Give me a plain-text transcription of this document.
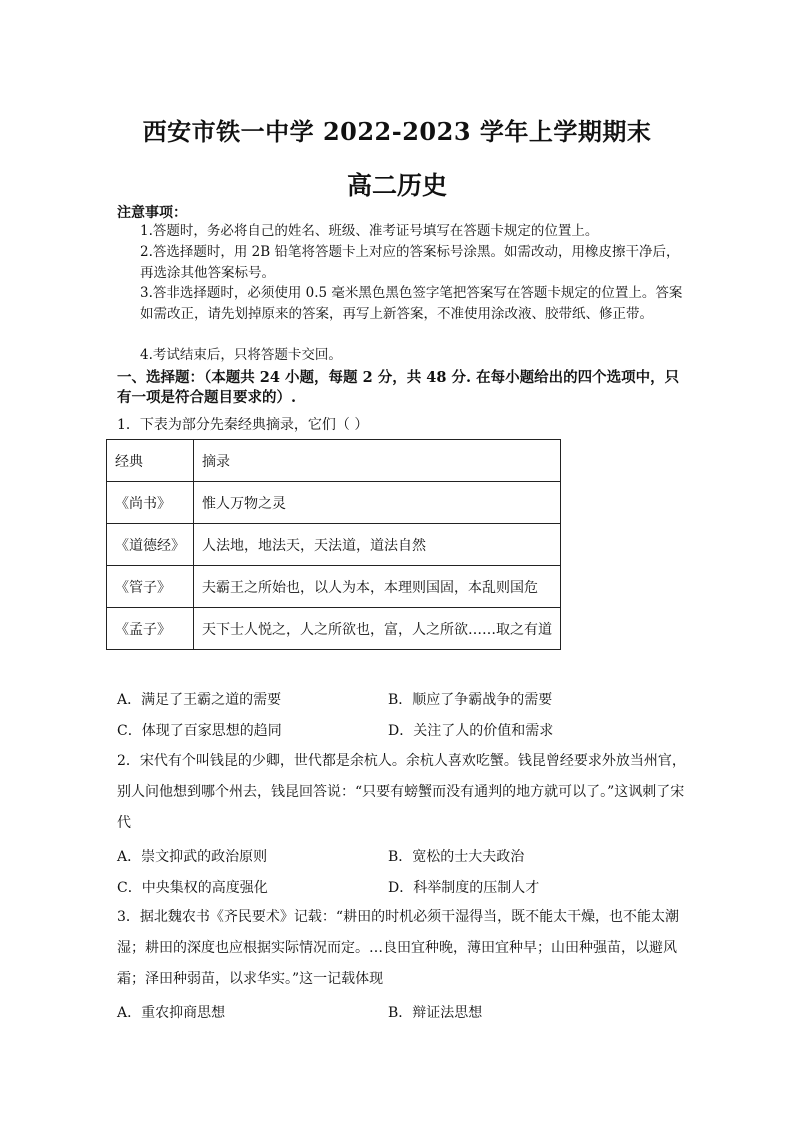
西安市铁一中学 2022-2023 学年上学期期末
高二历史
注意事项：
1.答题时，务必将自己的姓名、班级、准考证号填写在答题卡规定的位置上。
2.答选择题时，用 2B 铅笔将答题卡上对应的答案标号涂黑。如需改动，用橡皮擦干净后，再选涂其他答案标号。
3.答非选择题时，必须使用 0.5 毫米黑色黑色签字笔把答案写在答题卡规定的位置上。答案如需改正，请先划掉原来的答案，再写上新答案，不准使用涂改液、胶带纸、修正带。
4.考试结束后，只将答题卡交回。
一、选择题：（本题共 24 小题，每题 2 分，共 48 分. 在每小题给出的四个选项中，只有一项是符合题目要求的）.
1．下表为部分先秦经典摘录，它们（ ）
经典	摘录
《尚书》	惟人万物之灵
《道德经》	人法地，地法天，天法道，道法自然
《管子》	夫霸王之所始也，以人为本，本理则国固，本乱则国危
《孟子》	天下士人悦之，人之所欲也，富，人之所欲……取之有道
A．满足了王霸之道的需要	B．顺应了争霸战争的需要
C．体现了百家思想的趋同	D．关注了人的价值和需求
2．宋代有个叫钱昆的少卿，世代都是余杭人。余杭人喜欢吃蟹。钱昆曾经要求外放当州官，别人问他想到哪个州去，钱昆回答说：“只要有螃蟹而没有通判的地方就可以了。”这讽刺了宋代
A．崇文抑武的政治原则	B．宽松的士大夫政治
C．中央集权的高度强化	D．科举制度的压制人才
3．据北魏农书《齐民要术》记载：“耕田的时机必须干湿得当，既不能太干燥，也不能太潮湿；耕田的深度也应根据实际情况而定。…良田宜种晚，薄田宜种早；山田种强苗，以避风霜；泽田种弱苗，以求华实。”这一记载体现
A．重农抑商思想	B．辩证法思想
